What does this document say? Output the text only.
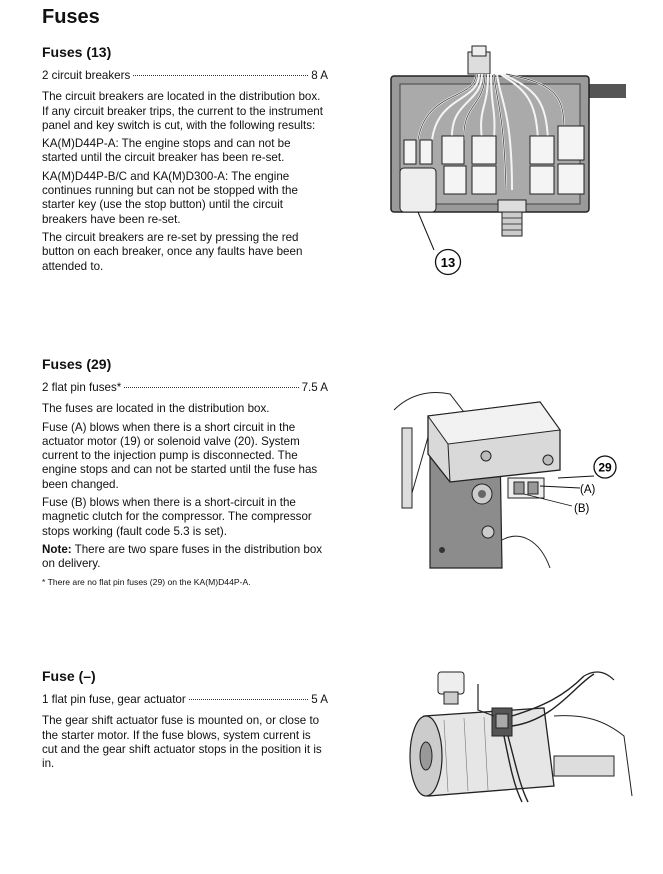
Fuses
Fuses (13)
2 circuit breakers	8 A

The circuit breakers are located in the distribution box. If any circuit breaker trips, the current to the instrument panel and key switch is cut, with the following results:

KA(M)D44P-A: The engine stops and can not be started until the circuit breaker has been re-set.

KA(M)D44P-B/C and KA(M)D300-A: The engine continues running but can not be stopped with the starter key (use the stop button) until the circuit breakers have been re-set.

The circuit breakers are re-set by pressing the red button on each breaker, once any faults have been attended to.

Fuses (29)
2 flat pin fuses*	7.5 A

The fuses are located in the distribution box.

Fuse (A) blows when there is a short circuit in the actuator motor (19) or solenoid valve (20). System current to the injection pump is disconnected. The engine stops and can not be started until the fuse has been changed.

Fuse (B) blows when there is a short-circuit in the magnetic clutch for the compressor. The compressor stops working (fault code 5.3 is set).

Note: There are two spare fuses in the distribution box on delivery.

* There are no flat pin fuses (29) on the KA(M)D44P-A.
Fuse (–)
1 flat pin fuse, gear actuator	5 A

The gear shift actuator fuse is mounted on, or close to the starter motor. If the fuse blows, system current is cut and the gear shift actuator stops in the position it is in.

13
(A)
(B)
29
